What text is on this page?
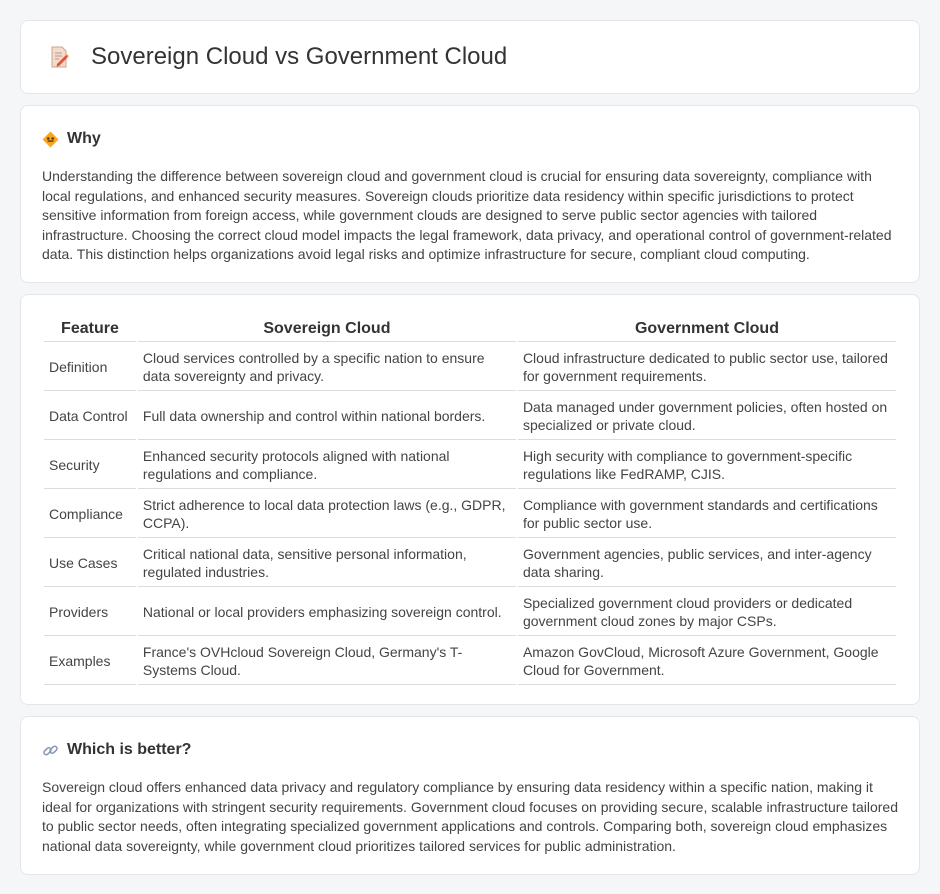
Sovereign Cloud vs Government Cloud
Why

Understanding the difference between sovereign cloud and government cloud is crucial for ensuring data sovereignty, compliance with local regulations, and enhanced security measures. Sovereign clouds prioritize data residency within specific jurisdictions to protect sensitive information from foreign access, while government clouds are designed to serve public sector agencies with tailored infrastructure. Choosing the correct cloud model impacts the legal framework, data privacy, and operational control of government-related data. This distinction helps organizations avoid legal risks and optimize infrastructure for secure, compliant cloud computing.

Feature	Sovereign Cloud	Government Cloud
Definition	Cloud services controlled by a specific nation to ensure data sovereignty and privacy.	Cloud infrastructure dedicated to public sector use, tailored for government requirements.
Data Control	Full data ownership and control within national borders.	Data managed under government policies, often hosted on specialized or private cloud.
Security	Enhanced security protocols aligned with national regulations and compliance.	High security with compliance to government-specific regulations like FedRAMP, CJIS.
Compliance	Strict adherence to local data protection laws (e.g., GDPR, CCPA).	Compliance with government standards and certifications for public sector use.
Use Cases	Critical national data, sensitive personal information, regulated industries.	Government agencies, public services, and inter-agency data sharing.
Providers	National or local providers emphasizing sovereign control.	Specialized government cloud providers or dedicated government cloud zones by major CSPs.
Examples	France's OVHcloud Sovereign Cloud, Germany's T-Systems Cloud.	Amazon GovCloud, Microsoft Azure Government, Google Cloud for Government.
Which is better?

Sovereign cloud offers enhanced data privacy and regulatory compliance by ensuring data residency within a specific nation, making it ideal for organizations with stringent security requirements. Government cloud focuses on providing secure, scalable infrastructure tailored to public sector needs, often integrating specialized government applications and controls. Comparing both, sovereign cloud emphasizes national data sovereignty, while government cloud prioritizes tailored services for public administration.
